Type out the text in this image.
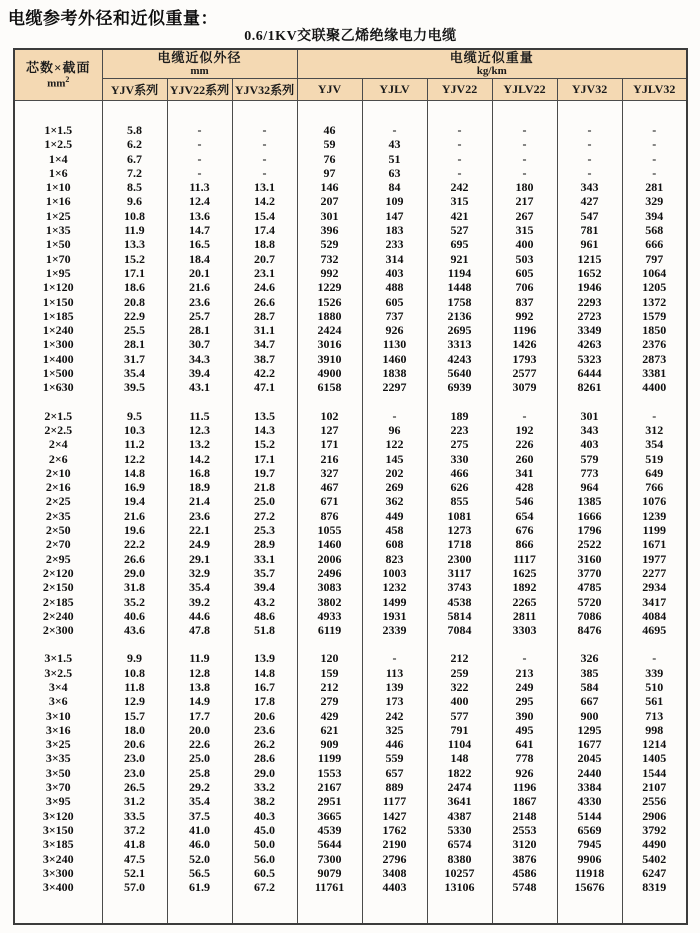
电缆参考外径和近似重量：
0.6/1KV交联聚乙烯绝缘电力电缆
芯数×截面
$mm^2$	电缆近似外径
mm			电缆近似重量
kg/km					

	YJV系列	YJV22系列	YJV32系列	YJV	YJLV	YJV22	YJLV22	YJV32	YJLV32

1×1.5	5.8	-	-	46	-	-	-	-	-
1×2.5	6.2	-	-	59	43	-	-	-	-
1×4	6.7	-	-	76	51	-	-	-	-
1×6	7.2	-	-	97	63	-	-	-	-
1×10	8.5	11.3	13.1	146	84	242	180	343	281
1×16	9.6	12.4	14.2	207	109	315	217	427	329
1×25	10.8	13.6	15.4	301	147	421	267	547	394
1×35	11.9	14.7	17.4	396	183	527	315	781	568
1×50	13.3	16.5	18.8	529	233	695	400	961	666
1×70	15.2	18.4	20.7	732	314	921	503	1215	797
1×95	17.1	20.1	23.1	992	403	1194	605	1652	1064
1×120	18.6	21.6	24.6	1229	488	1448	706	1946	1205
1×150	20.8	23.6	26.6	1526	605	1758	837	2293	1372
1×185	22.9	25.7	28.7	1880	737	2136	992	2723	1579
1×240	25.5	28.1	31.1	2424	926	2695	1196	3349	1850
1×300	28.1	30.7	34.7	3016	1130	3313	1426	4263	2376
1×400	31.7	34.3	38.7	3910	1460	4243	1793	5323	2873
1×500	35.4	39.4	42.2	4900	1838	5640	2577	6444	3381
1×630	39.5	43.1	47.1	6158	2297	6939	3079	8261	4400

2×1.5	9.5	11.5	13.5	102	-	189	-	301	-
2×2.5	10.3	12.3	14.3	127	96	223	192	343	312
2×4	11.2	13.2	15.2	171	122	275	226	403	354
2×6	12.2	14.2	17.1	216	145	330	260	579	519
2×10	14.8	16.8	19.7	327	202	466	341	773	649
2×16	16.9	18.9	21.8	467	269	626	428	964	766
2×25	19.4	21.4	25.0	671	362	855	546	1385	1076
2×35	21.6	23.6	27.2	876	449	1081	654	1666	1239
2×50	19.6	22.1	25.3	1055	458	1273	676	1796	1199
2×70	22.2	24.9	28.9	1460	608	1718	866	2522	1671
2×95	26.6	29.1	33.1	2006	823	2300	1117	3160	1977
2×120	29.0	32.9	35.7	2496	1003	3117	1625	3770	2277
2×150	31.8	35.4	39.4	3083	1232	3743	1892	4785	2934
2×185	35.2	39.2	43.2	3802	1499	4538	2265	5720	3417
2×240	40.6	44.6	48.6	4933	1931	5814	2811	7086	4084
2×300	43.6	47.8	51.8	6119	2339	7084	3303	8476	4695

3×1.5	9.9	11.9	13.9	120	-	212	-	326	-
3×2.5	10.8	12.8	14.8	159	113	259	213	385	339
3×4	11.8	13.8	16.7	212	139	322	249	584	510
3×6	12.9	14.9	17.8	279	173	400	295	667	561
3×10	15.7	17.7	20.6	429	242	577	390	900	713
3×16	18.0	20.0	23.6	621	325	791	495	1295	998
3×25	20.6	22.6	26.2	909	446	1104	641	1677	1214
3×35	23.0	25.0	28.6	1199	559	148	778	2045	1405
3×50	23.0	25.8	29.0	1553	657	1822	926	2440	1544
3×70	26.5	29.2	33.2	2167	889	2474	1196	3384	2107
3×95	31.2	35.4	38.2	2951	1177	3641	1867	4330	2556
3×120	33.5	37.5	40.3	3665	1427	4387	2148	5144	2906
3×150	37.2	41.0	45.0	4539	1762	5330	2553	6569	3792
3×185	41.8	46.0	50.0	5644	2190	6574	3120	7945	4490
3×240	47.5	52.0	56.0	7300	2796	8380	3876	9906	5402
3×300	52.1	56.5	60.5	9079	3408	10257	4586	11918	6247
3×400	57.0	61.9	67.2	11761	4403	13106	5748	15676	8319
